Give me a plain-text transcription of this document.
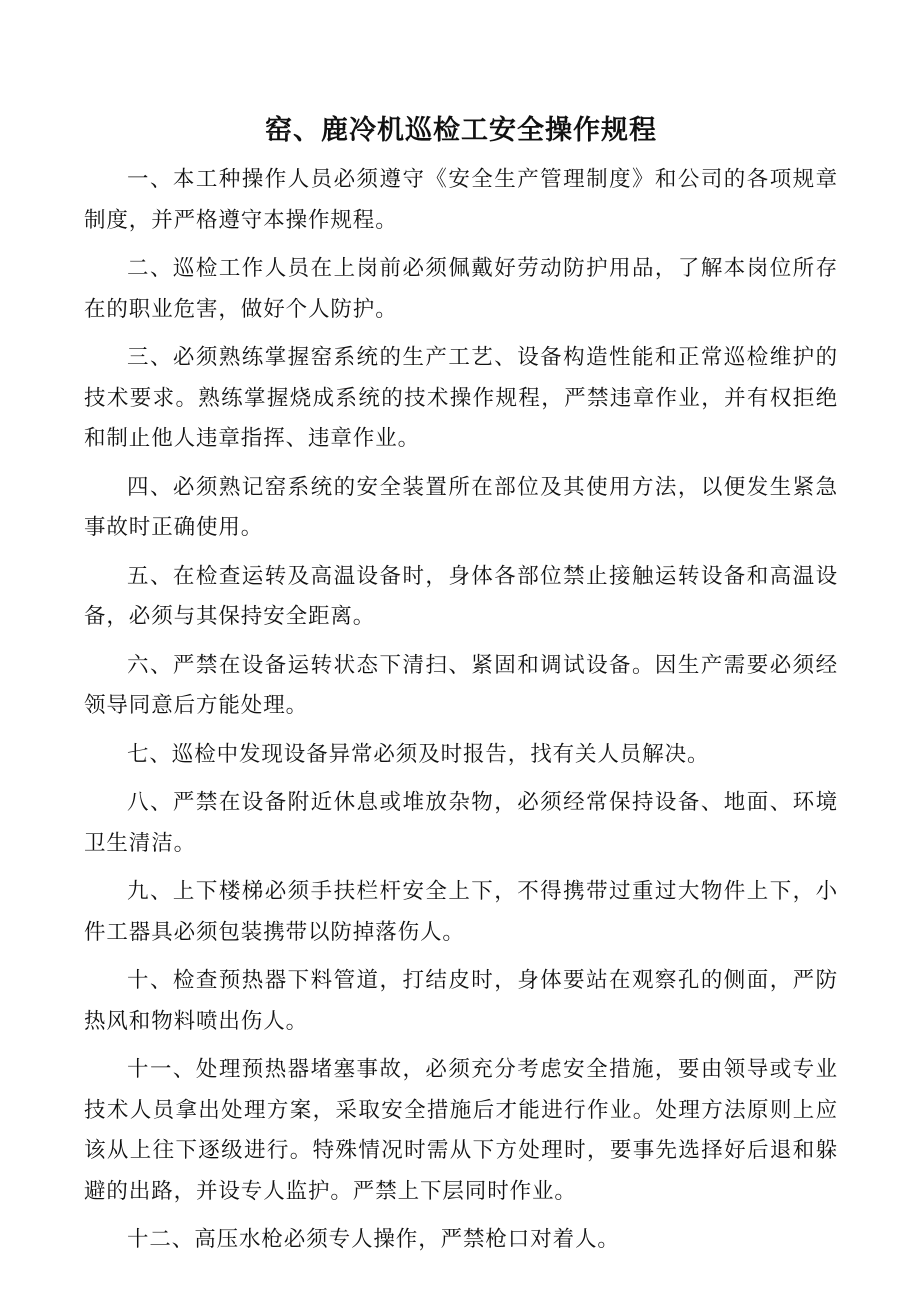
窑、鹿冷机巡检工安全操作规程

一、本工种操作人员必须遵守《安全生产管理制度》和公司的各项规章制度，并严格遵守本操作规程。

二、巡检工作人员在上岗前必须佩戴好劳动防护用品，了解本岗位所存在的职业危害，做好个人防护。

三、必须熟练掌握窑系统的生产工艺、设备构造性能和正常巡检维护的技术要求。熟练掌握烧成系统的技术操作规程，严禁违章作业，并有权拒绝和制止他人违章指挥、违章作业。

四、必须熟记窑系统的安全装置所在部位及其使用方法，以便发生紧急事故时正确使用。

五、在检查运转及高温设备时，身体各部位禁止接触运转设备和高温设备，必须与其保持安全距离。

六、严禁在设备运转状态下清扫、紧固和调试设备。因生产需要必须经领导同意后方能处理。

七、巡检中发现设备异常必须及时报告，找有关人员解决。

八、严禁在设备附近休息或堆放杂物，必须经常保持设备、地面、环境卫生清洁。

九、上下楼梯必须手扶栏杆安全上下，不得携带过重过大物件上下，小件工器具必须包装携带以防掉落伤人。

十、检查预热器下料管道，打结皮时，身体要站在观察孔的侧面，严防热风和物料喷出伤人。

十一、处理预热器堵塞事故，必须充分考虑安全措施，要由领导或专业技术人员拿出处理方案，采取安全措施后才能进行作业。处理方法原则上应该从上往下逐级进行。特殊情况时需从下方处理时，要事先选择好后退和躲避的出路，并设专人监护。严禁上下层同时作业。

十二、高压水枪必须专人操作，严禁枪口对着人。
